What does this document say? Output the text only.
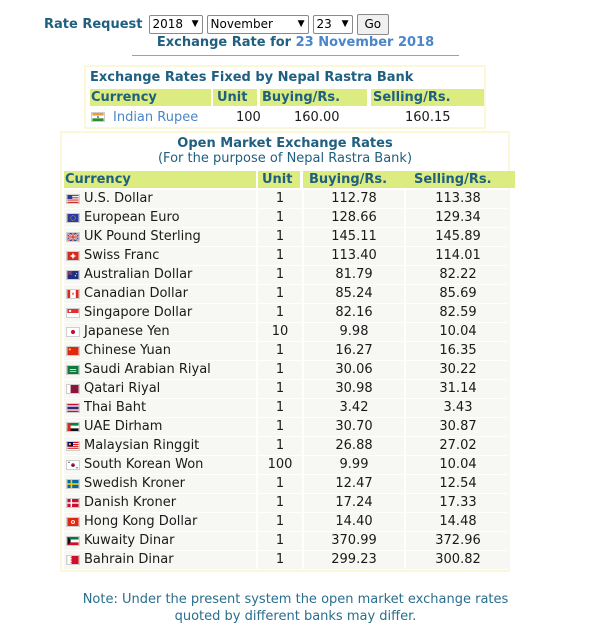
Rate Request 2018 ▼ November	▼ 23 ▼	Go
Exchange Rate for 23 November 2018
Exchange Rates Fixed by Nepal Rastra Bank
Currency	Unit	Buying/Rs.	Selling/Rs.
Indian Rupee	100	160.00	160.15
Open Market Exchange Rates
(For the purpose of Nepal Rastra Bank)
Currency	Unit	Buying/Rs.	Selling/Rs.
U.S. Dollar	1	112.78	113.38
European Euro	1	128.66	129.34
UK Pound Sterling	1	145.11	145.89
Swiss Franc	1	113.40	114.01
Australian Dollar	1	81.79	82.22
Canadian Dollar	1	85.24	85.69
Singapore Dollar	1	82.16	82.59
Japanese Yen	10	9.98	10.04
Chinese Yuan	1	16.27	16.35
Saudi Arabian Riyal	1	30.06	30.22
Qatari Riyal	1	30.98	31.14
Thai Baht	1	3.42	3.43
UAE Dirham	1	30.70	30.87
Malaysian Ringgit	1	26.88	27.02
South Korean Won	100	9.99	10.04
Swedish Kroner	1	12.47	12.54
Danish Kroner	1	17.24	17.33
Hong Kong Dollar	1	14.40	14.48
Kuwaity Dinar	1	370.99	372.96
Bahrain Dinar	1	299.23	300.82
Note: Under the present system the open market exchange rates
quoted by different banks may differ.
